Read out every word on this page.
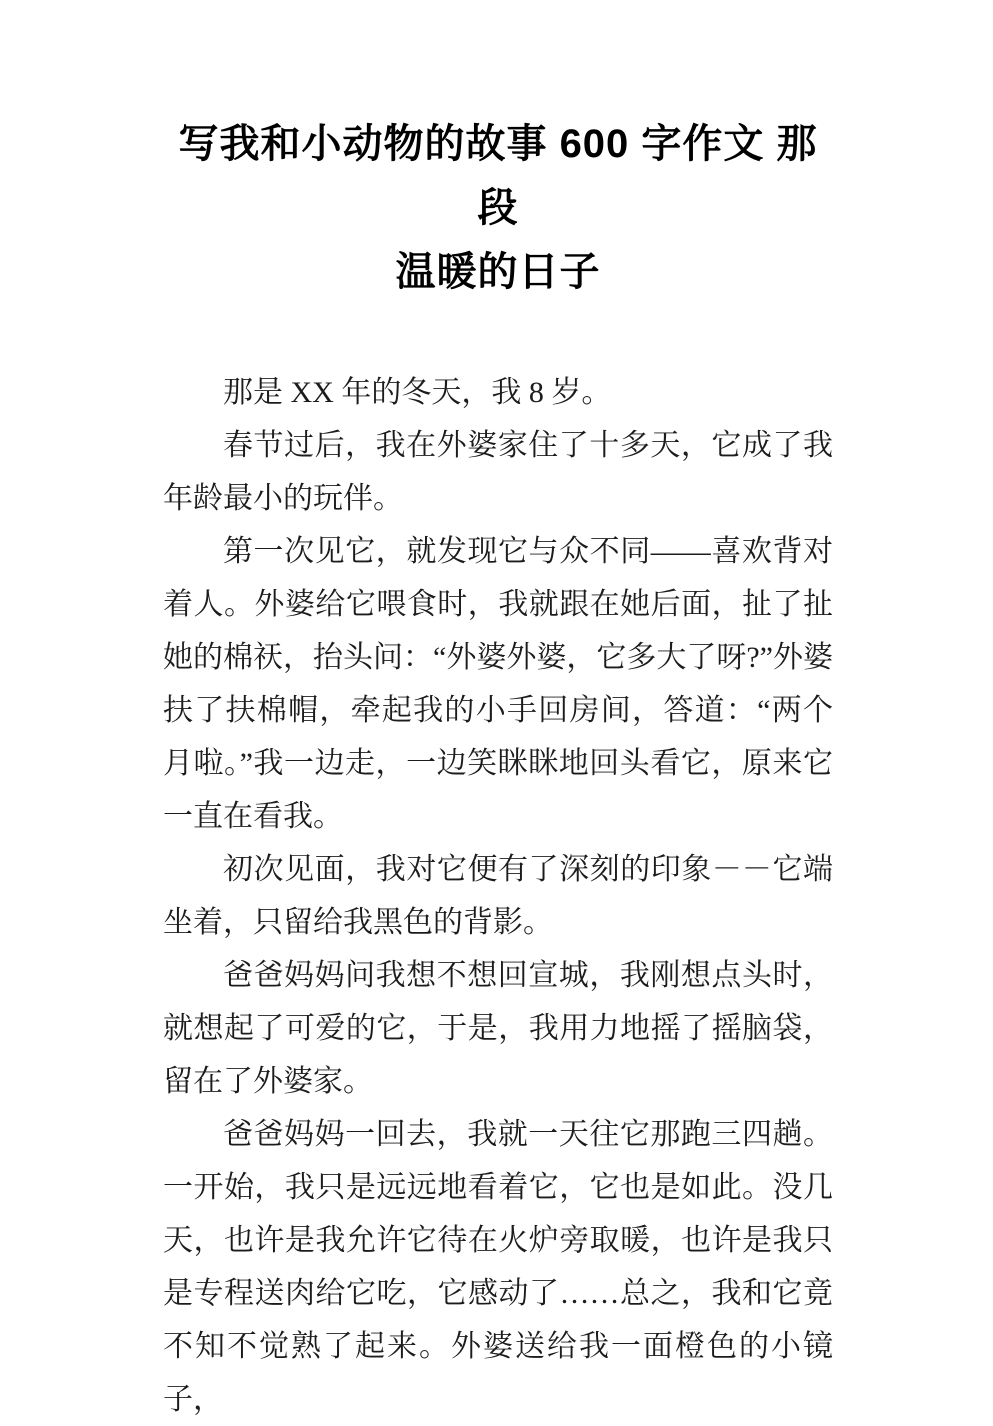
写我和小动物的故事 600 字作文 那段
温暖的日子

那是 XX 年的冬天，我 8 岁。

春节过后，我在外婆家住了十多天，它成了我年龄最小的玩伴。

第一次见它，就发现它与众不同——喜欢背对着人。外婆给它喂食时，我就跟在她后面，扯了扯她的棉祆，抬头问：“外婆外婆，它多大了呀?”外婆扶了扶棉帽，牵起我的小手回房间，答道：“两个月啦。”我一边走，一边笑眯眯地回头看它，原来它一直在看我。

初次见面，我对它便有了深刻的印象－－它端坐着，只留给我黑色的背影。

爸爸妈妈问我想不想回宣城，我刚想点头时，就想起了可爱的它，于是，我用力地摇了摇脑袋，留在了外婆家。

爸爸妈妈一回去，我就一天往它那跑三四趟。一开始，我只是远远地看着它，它也是如此。没几天，也许是我允许它待在火炉旁取暖，也许是我只是专程送肉给它吃，它感动了……总之，我和它竟不知不觉熟了起来。外婆送给我一面橙色的小镜子，
